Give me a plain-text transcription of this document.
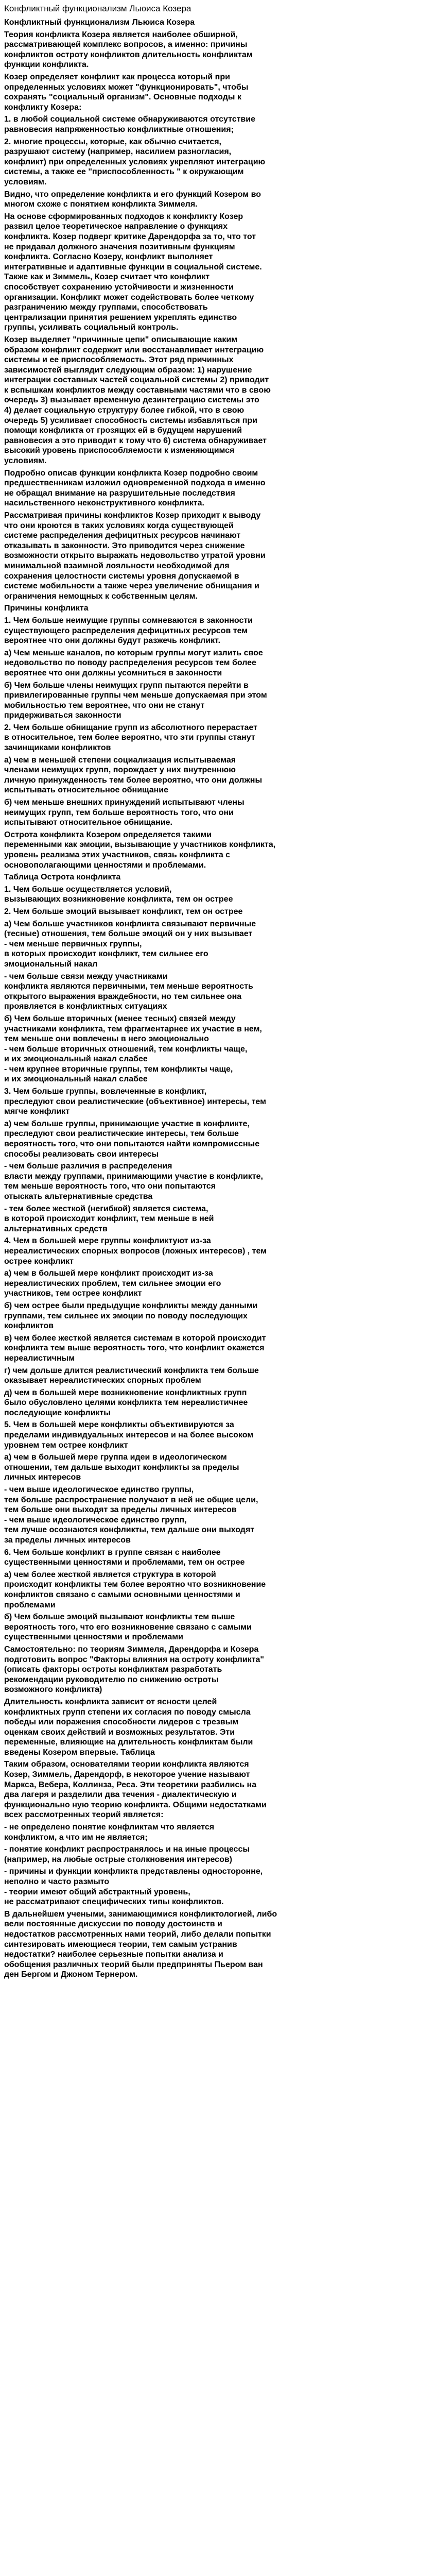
Конфликтный функционализм Льюиса Козера
Конфликтный функционализм Льюиса Козера
Теория конфликта Козера является наиболее обширной,
рассматривающей комплекс вопросов, а именно: причины
конфликтов остроту конфликтов длительность конфликтам
функции конфликта.
Козер определяет конфликт как процесса который при
определенных условиях может "функционировать", чтобы
сохранять "социальный организм". Основные подходы к
конфликту Козера:
1. в любой социальной системе обнаруживаются отсутствие
равновесия напряженностью конфликтные отношения;
2. многие процессы, которые, как обычно считается,
разрушают систему (например, насилием разногласия,
конфликт) при определенных условиях укрепляют интеграцию
системы, а также ее "приспособленность " к окружающим
условиям.
Видно, что определение конфликта и его функций Козером во
многом схоже с понятием конфликта Зиммеля.
На основе сформированных подходов к конфликту Козер
развил целое теоретическое направление о функциях
конфликта. Козер подверг критике Дарендорфа за то, что тот
не придавал должного значения позитивным функциям
конфликта. Согласно Козеру, конфликт выполняет
интегративные и адаптивные функции в социальной системе.
Также как и Зиммель, Козер считает что конфликт
способствует сохранению устойчивости и жизненности
организации. Конфликт может содействовать более четкому
разграничению между группами, способствовать
централизации принятия решением укреплять единство
группы, усиливать социальный контроль.
Козер выделяет "причинные цепи" описывающие каким
образом конфликт содержит или восстанавливает интеграцию
системы и ее приспособляемость. Этот ряд причинных
зависимостей выглядит следующим образом: 1) нарушение
интеграции составных частей социальной системы 2) приводит
к вспышкам конфликтов между составными частями что в свою
очередь 3) вызывает временную дезинтеграцию системы это
4) делает социальную структуру более гибкой, что в свою
очередь 5) усиливает способность системы избавляться при
помощи конфликта от грозящих ей в будущем нарушений
равновесия а это приводит к тому что 6) система обнаруживает
высокий уровень приспособляемости к изменяющимся
условиям.
Подробно описав функции конфликта Козер подробно своим
предшественникам изложил одновременной подхода в именно
не обращал внимание на разрушительные последствия
насильственного неконструктивного конфликта.
Рассматривая причины конфликтов Козер приходит к выводу
что они кроются в таких условиях когда существующей
системе распределения дефицитных ресурсов начинают
отказывать в законности. Это приводится через снижение
возможности открыто выражать недовольство утратой уровни
минимальной взаимной лояльности необходимой для
сохранения целостности системы уровня допускаемой в
системе мобильности а также через увеличение обнищания и
ограничения немощных к собственным целям.
Причины конфликта
1. Чем больше неимущие группы сомневаются в законности
существующего распределения дефицитных ресурсов тем
вероятнее что они должны будут разжечь конфликт.
а) Чем меньше каналов, по которым группы могут излить свое
недовольство по поводу распределения ресурсов тем более
вероятнее что они должны усомниться в законности
б) Чем больше члены неимущих групп пытаются перейти в
привилегированные группы чем меньше допускаемая при этом
мобильностью тем вероятнее, что они не станут
придерживаться законности
2. Чем больше обнищание групп из абсолютного перерастает
в относительное, тем более вероятно, что эти группы станут
зачинщиками конфликтов
а) чем в меньшей степени социализация испытываемая
членами неимущих групп, порождает у них внутреннюю
личную принужденность тем более вероятно, что они должны
испытывать относительное обнищание
б) чем меньше внешних принуждений испытывают члены
неимущих групп, тем больше вероятность того, что они
испытывают относительное обнищание.
Острота конфликта Козером определяется такими
переменными как эмоции, вызывающие у участников конфликта,
уровень реализма этих участников, связь конфликта с
основополагающими ценностями и проблемами.
Таблица Острота конфликта
1. Чем больше осуществляется условий,
вызывающих возникновение конфликта, тем он острее
2. Чем больше эмоций вызывает конфликт, тем он острее
а) Чем больше участников конфликта связывают первичные
(тесные) отношения, тем больше эмоций он у них вызывает
- чем меньше первичных группы,
в которых происходит конфликт, тем сильнее его
эмоциональный накал
- чем больше связи между участниками
конфликта являются первичными, тем меньше вероятность
открытого выражения враждебности, но тем сильнее она
проявляется в конфликтных ситуациях
б) Чем больше вторичных (менее тесных) связей между
участниками конфликта, тем фрагментарнее их участие в нем,
тем меньше они вовлечены в него эмоционально
- чем больше вторичных отношений, тем конфликты чаще,
и их эмоциональный накал слабее
- чем крупнее вторичные группы, тем конфликты чаще,
и их эмоциональный накал слабее
3. Чем больше группы, вовлеченные в конфликт,
преследуют свои реалистические (объективное) интересы, тем
мягче конфликт
а) чем больше группы, принимающие участие в конфликте,
преследуют свои реалистические интересы, тем больше
вероятность того, что они попытаются найти компромиссные
способы реализовать свои интересы
- чем больше различия в распределения
власти между группами, принимающими участие в конфликте,
тем меньше вероятность того, что они попытаются
отыскать альтернативные средства
- тем более жесткой (негибкой) является система,
в которой происходит конфликт, тем меньше в ней
альтернативных средств
4. Чем в большей мере группы конфликтуют из-за
нереалистических спорных вопросов (ложных интересов) , тем
острее конфликт
а) чем в большей мере конфликт происходит из-за
нереалистических проблем, тем сильнее эмоции его
участников, тем острее конфликт
б) чем острее были предыдущие конфликты между данными
группами, тем сильнее их эмоции по поводу последующих
конфликтов
в) чем более жесткой является системам в которой происходит
конфликта тем выше вероятность того, что конфликт окажется
нереалистичным
г) чем дольше длится реалистический конфликта тем больше
оказывает нереалистических спорных проблем
д) чем в большей мере возникновение конфликтных групп
было обусловлено целями конфликта тем нереалистичнее
последующие конфликты
5. Чем в большей мере конфликты объективируются за
пределами индивидуальных интересов и на более высоком
уровнем тем острее конфликт
а) чем в большей мере группа идеи в идеологическом
отношении, тем дальше выходит конфликты за пределы
личных интересов
- чем выше идеологическое единство группы,
тем больше распространение получают в ней не общие цели,
тем больше они выходят за пределы личных интересов
- чем выше идеологическое единство групп,
тем лучше осознаются конфликты, тем дальше они выходят
за пределы личных интересов
6. Чем больше конфликт в группе связан с наиболее
существенными ценностями и проблемами, тем он острее
а) чем более жесткой является структура в которой
происходит конфликты тем более вероятно что возникновение
конфликтов связано с самыми основными ценностями и
проблемами
б) Чем больше эмоций вызывают конфликты тем выше
вероятность того, что его возникновение связано с самыми
существенными ценностями и проблемами
Самостоятельно: по теориям Зиммеля, Дарендорфа и Козера
подготовить вопрос "Факторы влияния на остроту конфликта"
(описать факторы остроты конфликтам разработать
рекомендации руководителю по снижению остроты
возможного конфликта)
Длительность конфликта зависит от ясности целей
конфликтных групп степени их согласия по поводу смысла
победы или поражения способности лидеров с трезвым
оценкам своих действий и возможных результатов. Эти
переменные, влияющие на длительность конфликтам были
введены Козером впервые. Таблица
Таким образом, основателями теории конфликта являются
Козер, Зиммель, Дарендорф, в некоторое учение называют
Маркса, Вебера, Коллинза, Реса. Эти теоретики разбились на
два лагеря и разделили два течения - диалектическую и
функционально ную теорию конфликта. Общими недостатками
всех рассмотренных теорий является:
- не определено понятие конфликтам что является
конфликтом, а что им не является;
- понятие конфликт распространялось и на иные процессы
(например, на любые острые столкновения интересов)
- причины и функции конфликта представлены односторонне,
неполно и часто размыто
- теории имеют общий абстрактный уровень,
не рассматривают специфических типы конфликтов.
В дальнейшем учеными, занимающимися конфликтологией, либо
вели постоянные дискуссии по поводу достоинств и
недостатков рассмотренных нами теорий, либо делали попытки
синтезировать имеющиеся теории, тем самым устранив
недостатки? наиболее серьезные попытки анализа и
обобщения различных теорий были предприняты Пьером ван
ден Бергом и Джоном Тернером.
